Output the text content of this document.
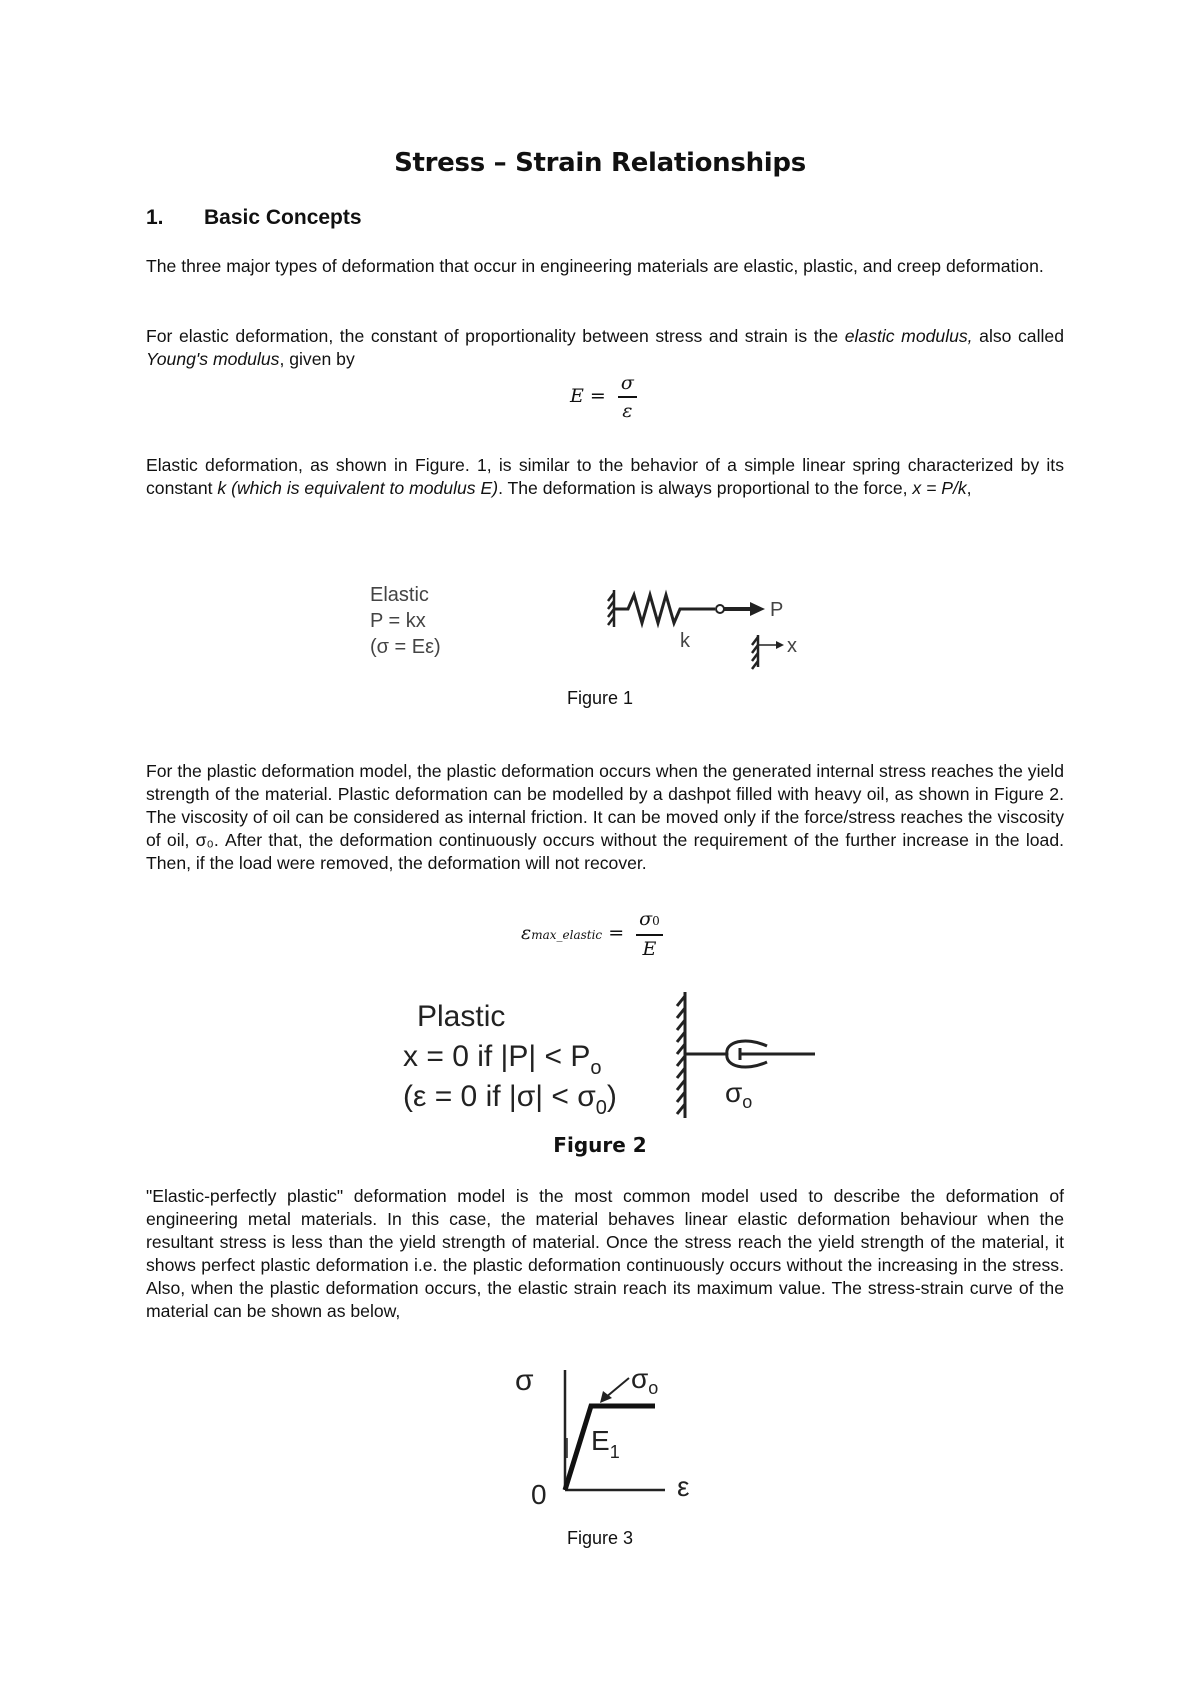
Stress – Strain Relationships
1. Basic Concepts
The three major types of deformation that occur in engineering materials are elastic, plastic, and creep deformation.
For elastic deformation, the constant of proportionality between stress and strain is the elastic modulus, also called Young's modulus, given by
$E = \frac{\sigma}{\varepsilon}$
Elastic deformation, as shown in Figure. 1, is similar to the behavior of a simple linear spring characterized by its constant k (which is equivalent to modulus E). The deformation is always proportional to the force, x = P/k,
Elastic
P = kx
(σ = Eε)
P
k	x
Figure 1
For the plastic deformation model, the plastic deformation occurs when the generated internal stress reaches the yield strength of the material. Plastic deformation can be modelled by a dashpot filled with heavy oil, as shown in Figure 2. The viscosity of oil can be considered as internal friction. It can be moved only if the force/stress reaches the viscosity of oil, σ₀. After that, the deformation continuously occurs without the requirement of the further increase in the load. Then, if the load were removed, the deformation will not recover.
εmax_elastic = $\frac{\sigma 0}{E}$
Plastic
x = 0 if $|P| < P_o$
(ε = 0 if $|\sigma| < \sigma_0$)	$\sigma_o$
Figure 2
"Elastic-perfectly plastic" deformation model is the most common model used to describe the deformation of engineering metal materials. In this case, the material behaves linear elastic deformation behaviour when the resultant stress is less than the yield strength of material. Once the stress reach the yield strength of the material, it shows perfect plastic deformation i.e. the plastic deformation continuously occurs without the increasing in the stress. Also, when the plastic deformation occurs, the elastic strain reach its maximum value. The stress-strain curve of the material can be shown as below,
σ	$\sigma_o$
$E_1$
0	ε
Figure 3
